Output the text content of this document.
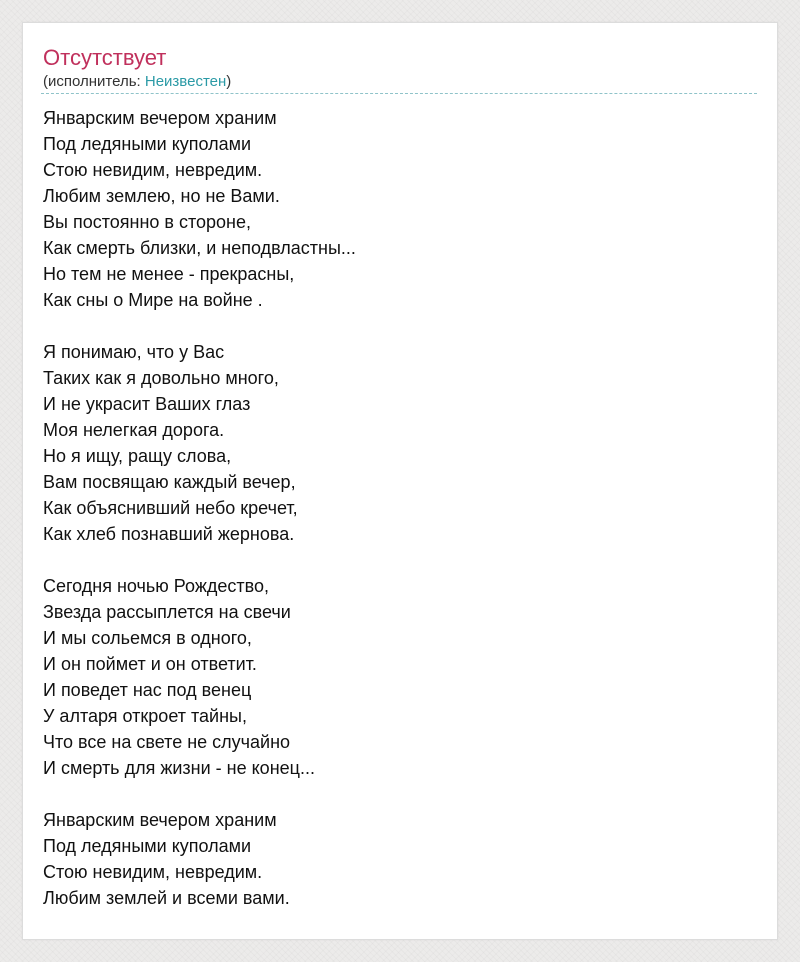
Отсутствует
(исполнитель: Неизвестен)
Январским вечером храним
Под ледяными куполами
Стою невидим, невредим.
Любим землею, но не Вами.
Вы постоянно в стороне,
Как смерть близки, и неподвластны...
Но тем не менее - прекрасны,
Как сны о Мире на войне .
Я понимаю, что у Вас
Таких как я довольно много,
И не украсит Ваших глаз
Моя нелегкая дорога.
Но я ищу, ращу слова,
Вам посвящаю каждый вечер,
Как объяснивший небо кречет,
Как хлеб познавший жернова.
Сегодня ночью Рождество,
Звезда рассыплется на свечи
И мы сольемся в одного,
И он поймет и он ответит.
И поведет нас под венец
У алтаря откроет тайны,
Что все на свете не случайно
И смерть для жизни - не конец...
Январским вечером храним
Под ледяными куполами
Стою невидим, невредим.
Любим землей и всеми вами.
